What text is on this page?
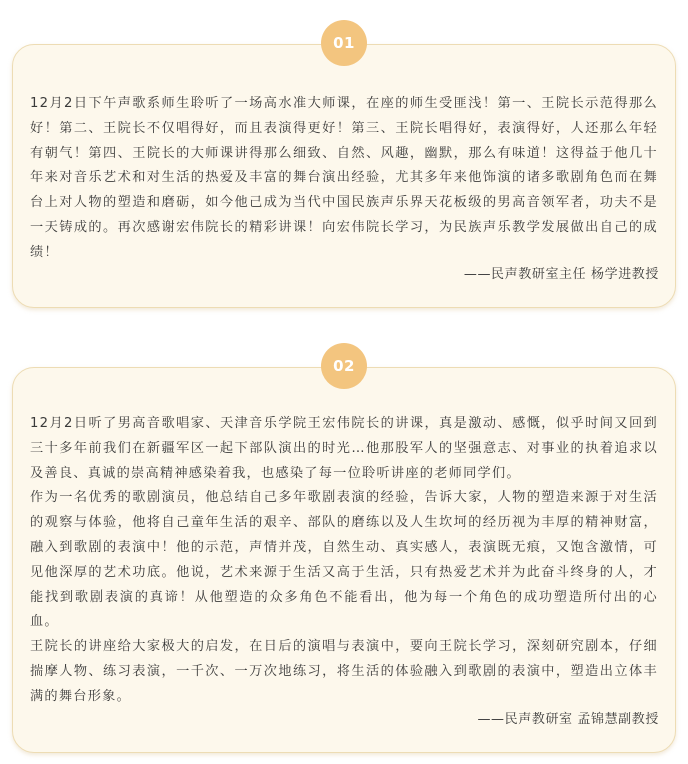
01

12月2日下午声歌系师生聆听了一场高水准大师课，在座的师生受匪浅！第一、王院长示范得那么好！第二、王院长不仅唱得好，而且表演得更好！第三、王院长唱得好，表演得好，人还那么年轻有朝气！第四、王院长的大师课讲得那么细致、自然、风趣，幽默，那么有味道！这得益于他几十年来对音乐艺术和对生活的热爱及丰富的舞台演出经验，尤其多年来他饰演的诸多歌剧角色而在舞台上对人物的塑造和磨砺，如今他己成为当代中国民族声乐界天花板级的男高音领军者，功夫不是一天铸成的。再次感谢宏伟院长的精彩讲课！向宏伟院长学习，为民族声乐教学发展做出自己的成绩！

——民声教研室主任 杨学进教授
02

12月2日听了男高音歌唱家、天津音乐学院王宏伟院长的讲课，真是激动、感慨，似乎时间又回到三十多年前我们在新疆军区一起下部队演出的时光…他那股军人的坚强意志、对事业的执着追求以及善良、真诚的崇高精神感染着我，也感染了每一位聆听讲座的老师同学们。

作为一名优秀的歌剧演员，他总结自己多年歌剧表演的经验，告诉大家，人物的塑造来源于对生活的观察与体验，他将自己童年生活的艰辛、部队的磨练以及人生坎坷的经历视为丰厚的精神财富，融入到歌剧的表演中！他的示范，声情并茂，自然生动、真实感人，表演既无痕，又饱含激情，可见他深厚的艺术功底。他说，艺术来源于生活又高于生活，只有热爱艺术并为此奋斗终身的人，才能找到歌剧表演的真谛！从他塑造的众多角色不能看出，他为每一个角色的成功塑造所付出的心血。

王院长的讲座给大家极大的启发，在日后的演唱与表演中，要向王院长学习，深刻研究剧本，仔细揣摩人物、练习表演，一千次、一万次地练习，将生活的体验融入到歌剧的表演中，塑造出立体丰满的舞台形象。

——民声教研室 孟锦慧副教授
